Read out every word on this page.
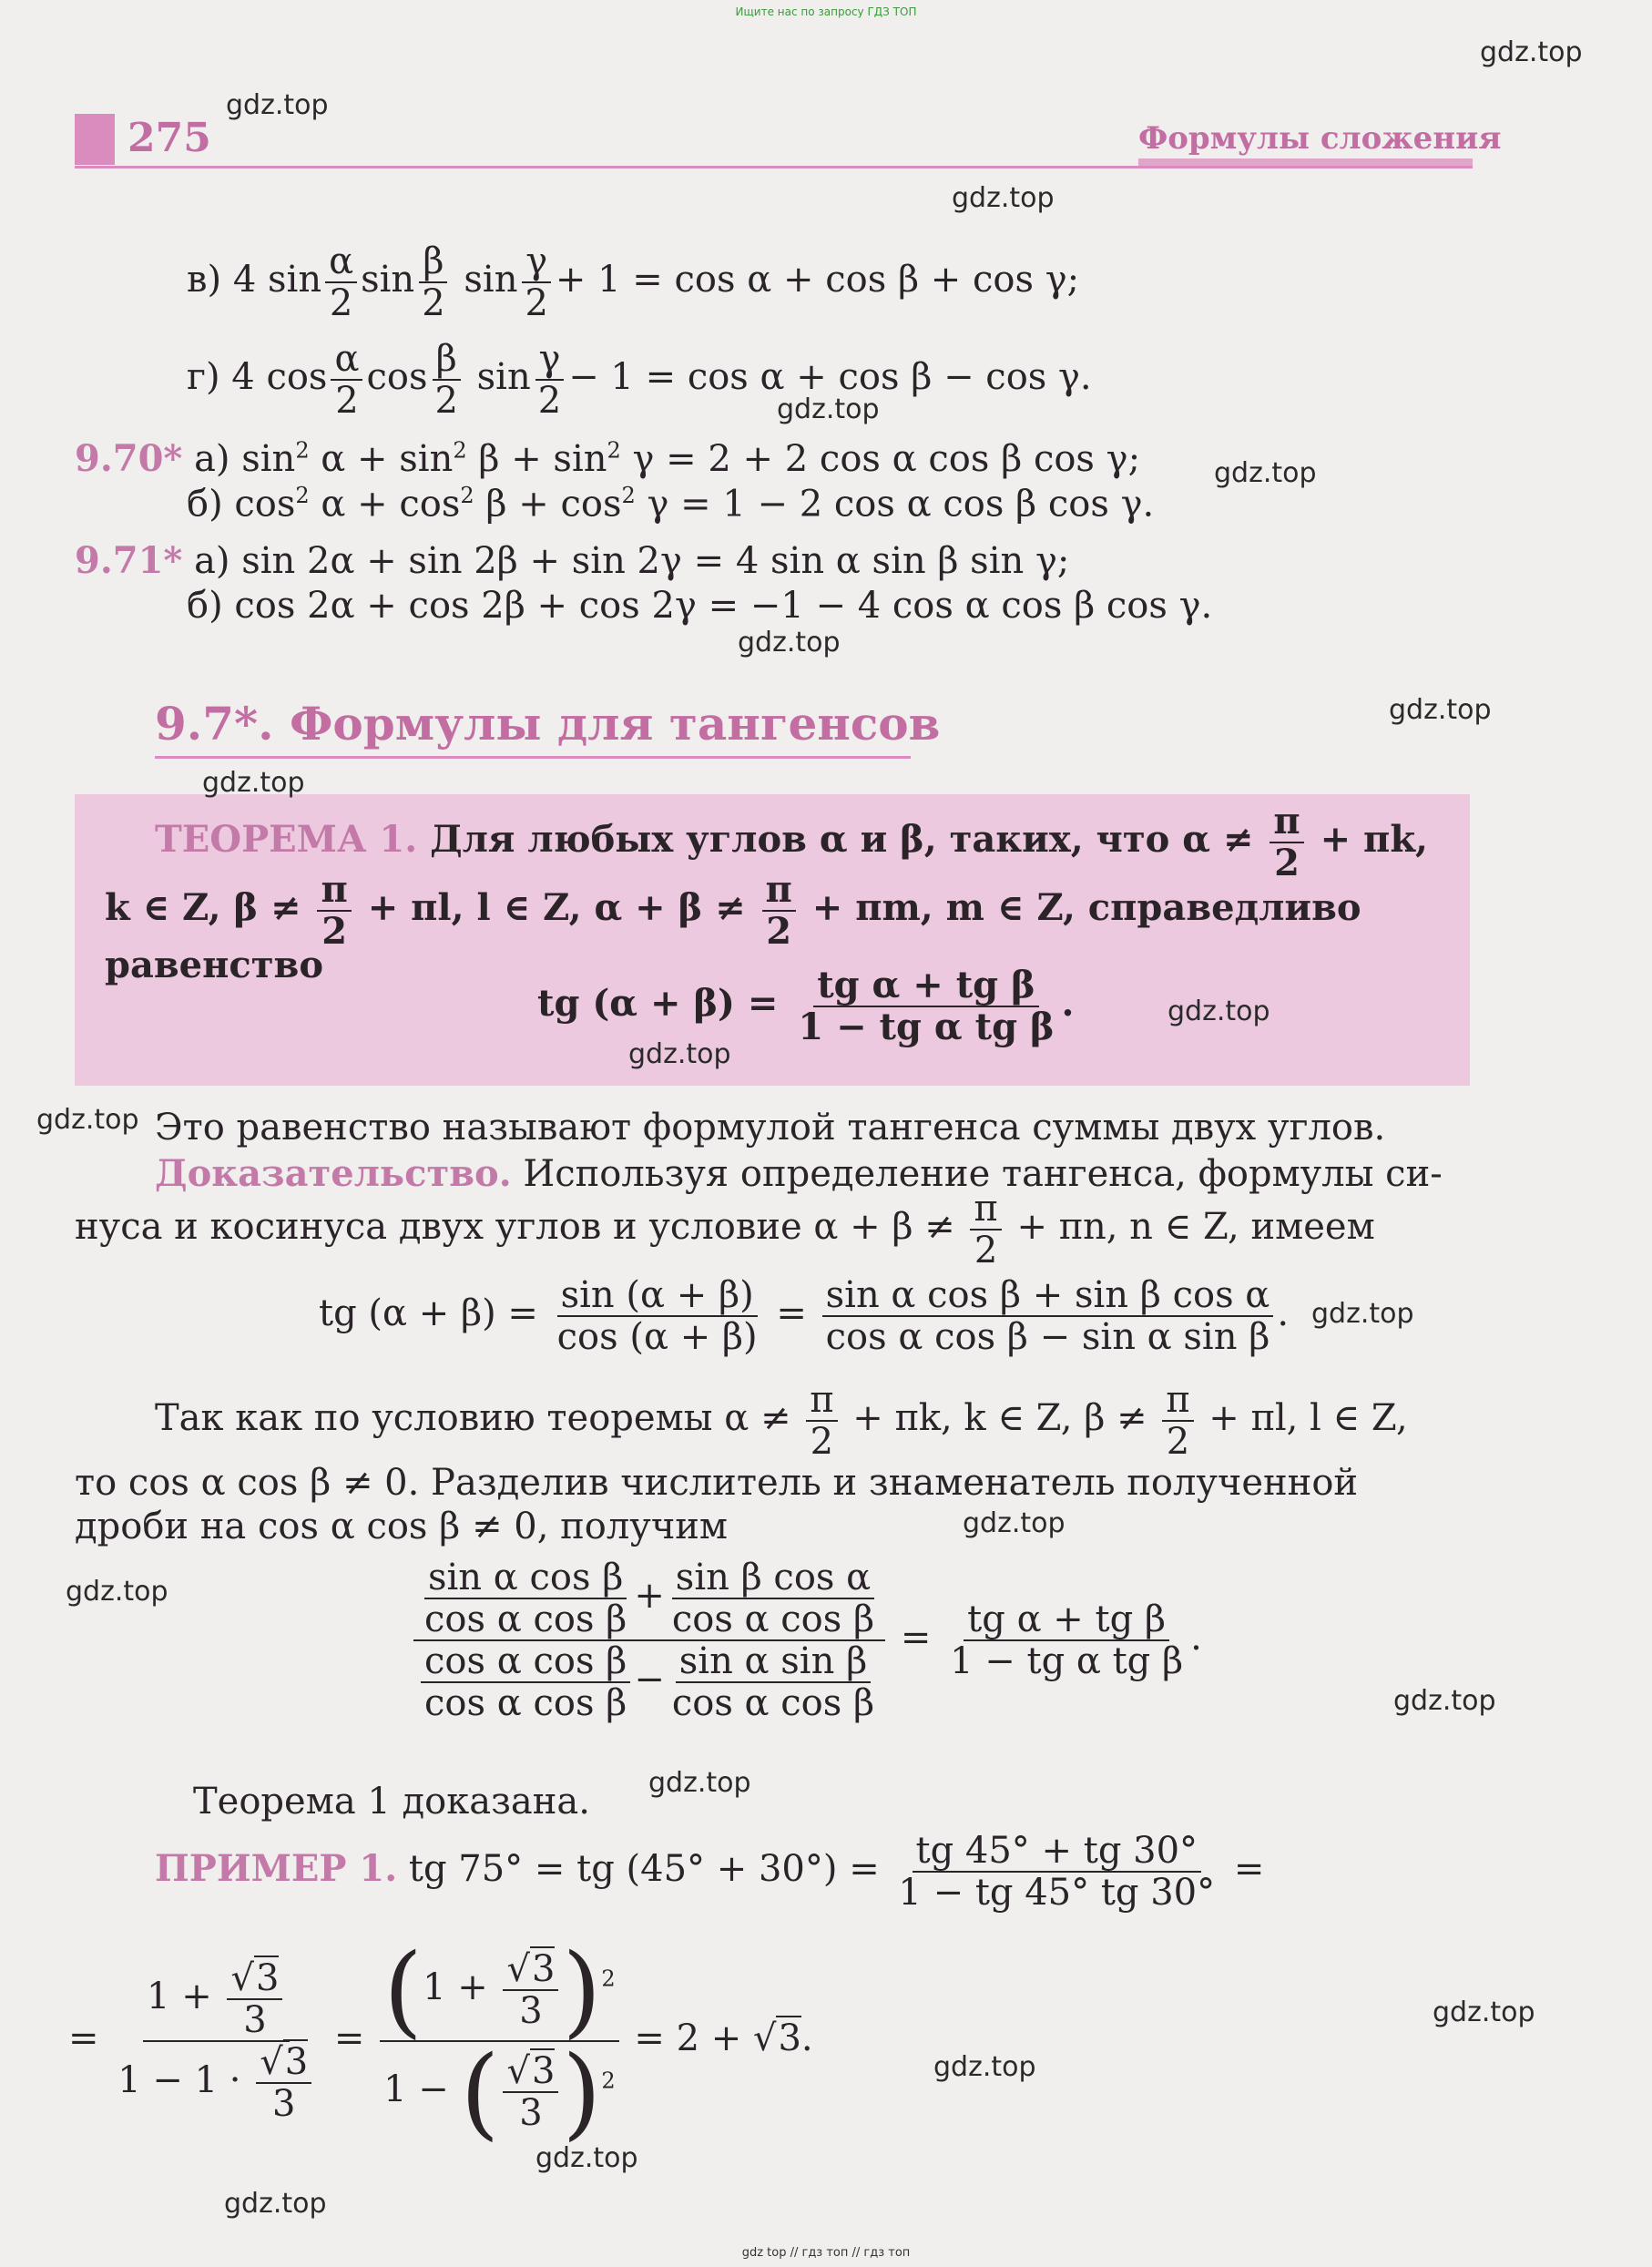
Ищите нас по запросу ГДЗ ТОП
275	Формулы сложения
в) 4 $\sin \frac{\alpha}{2}$ $\sin \frac{\beta}{2}$ $\sin \frac{\gamma}{2} + 1 = \cos \alpha + \cos \beta + \cos \gamma$;
г) 4 $\cos \frac{\alpha}{2}$ $\cos \frac{\beta}{2}$ $\sin \frac{\gamma}{2} - 1 = \cos \alpha + \cos \beta - \cos \gamma$.
9.70* а) $\sin^2 \alpha + \sin^2 \beta + \sin^2 \gamma = 2 + 2$ cos α cos β cos γ;
б) $\cos^2 \alpha + \cos^2 \beta + \cos^2 \gamma = 1 - 2$ cos α cos β cos γ.
9.71* а) sin 2α + sin 2β + sin 2γ = 4 sin α sin β sin γ;
б) cos 2α + cos 2β + cos 2γ = −1 − 4 cos α cos β cos γ.
9.7*. Формулы для тангенсов
ТЕОРЕМА 1. Для любых углов α и β, таких, что $\alpha \ne \frac{\pi}{2} + \pi k$,
k ∈ Z, $\beta \ne \frac{\pi}{2} + \pi l$, l ∈ Z, $\alpha + \beta \ne \frac{\pi}{2} + \pi m$, m ∈ Z, справедливо
равенство
tg $(\alpha + \beta) = \frac{\text{tg α + tg β}}{\text{1 − tg α tg β}}$ .
Это равенство называют формулой тангенса суммы двух углов.
Доказательство. Используя определение тангенса, формулы си-
нуса и косинуса двух углов и условие $\alpha + \beta \ne \frac{\pi}{2} + \pi n$, n ∈ Z, имеем
tg $(\alpha + \beta) = \frac{\sin (\alpha + \beta)}{\cos (\alpha + \beta)} = \frac{\text{sin α cos β + sin β cos α}}{\text{cos α cos β − sin α sin β}}$ .
Так как по условию теоремы $\alpha \ne \frac{\pi}{2} + \pi k$, k ∈ Z, $\beta \ne \frac{\pi}{2} + \pi l$, l ∈ Z,
то cos α cos β ≠ 0. Разделив числитель и знаменатель полученной
дроби на cos α cos β ≠ 0, получим
$\frac{\frac{\text{sin α cos β}}{\text{cos α cos β}} + \frac{\text{sin β cos α}}{\text{cos α cos β}}}{\frac{\text{cos α cos β}}{\text{cos α cos β}} - \frac{\text{sin α sin β}}{\text{cos α cos β}}} = \frac{\text{tg α + tg β}}{\text{1 − tg α tg β}}$ .
Теорема 1 доказана.
ПРИМЕР 1. tg 75° = tg $(45^\circ + 30^\circ) = \frac{tg 45^\circ + tg 30^\circ}{1 - tg 45^\circ tg 30^\circ}$ =
= $\frac{1 + \frac{√3}{3}}{1 - 1 \cdot \frac{√3}{3}} = \frac{(1 + \frac{√3}{3} )^2}{1 - ( \frac{√3}{3} )^2} = 2 + √3$.
gdz.top
gdz.top
gdz.top
gdz.top
gdz.top
gdz.top
gdz.top
gdz.top
gdz.top
gdz.top
gdz.top
gdz.top
gdz.top
gdz.top
gdz.top
gdz.top
gdz.top
gdz.top
gdz.top
gdz.top
gdz top // гдз топ // гдз топ
